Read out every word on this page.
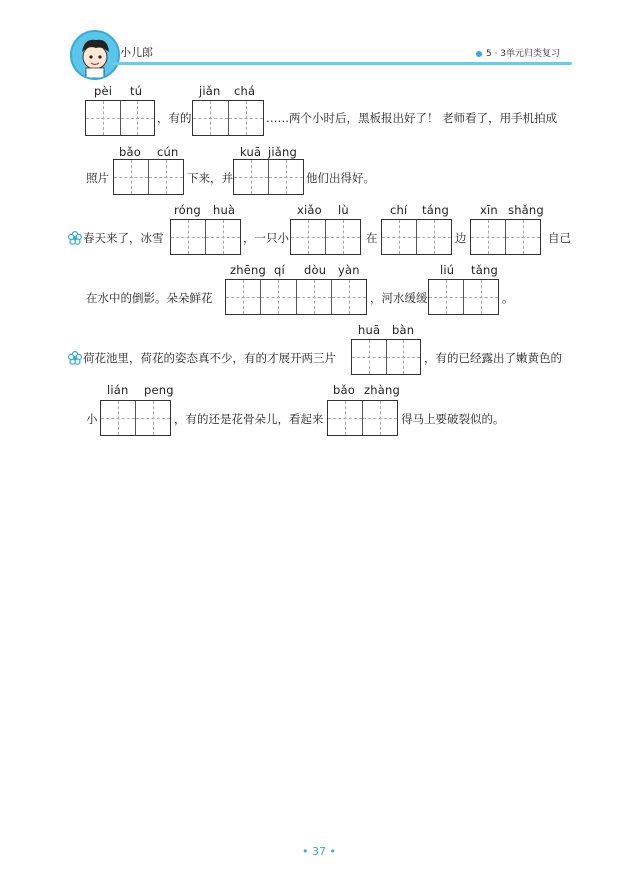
小儿郎	5 · 3单元归类复习
pèi tú
，有的
jiǎn chá
……两个小时后，黑板报出好了！ 老师看了，用手机拍成
bǎo cún
照片	下来，并
kuā jiǎng
他们出得好。
春天来了，冰雪
róng huà
，一只小
xiǎo lù
在
chí táng
边
xīn shǎng
自己
在水中的倒影。朵朵鲜花
zhēng qí dòu yàn
，河水缓缓
liú tǎng
。
荷花池里，荷花的姿态真不少，有的才展开两三片
huā bàn
，有的已经露出了嫩黄色的
小
lián peng
，有的还是花骨朵儿，看起来
bǎo zhàng
得马上要破裂似的。
• 37 •
